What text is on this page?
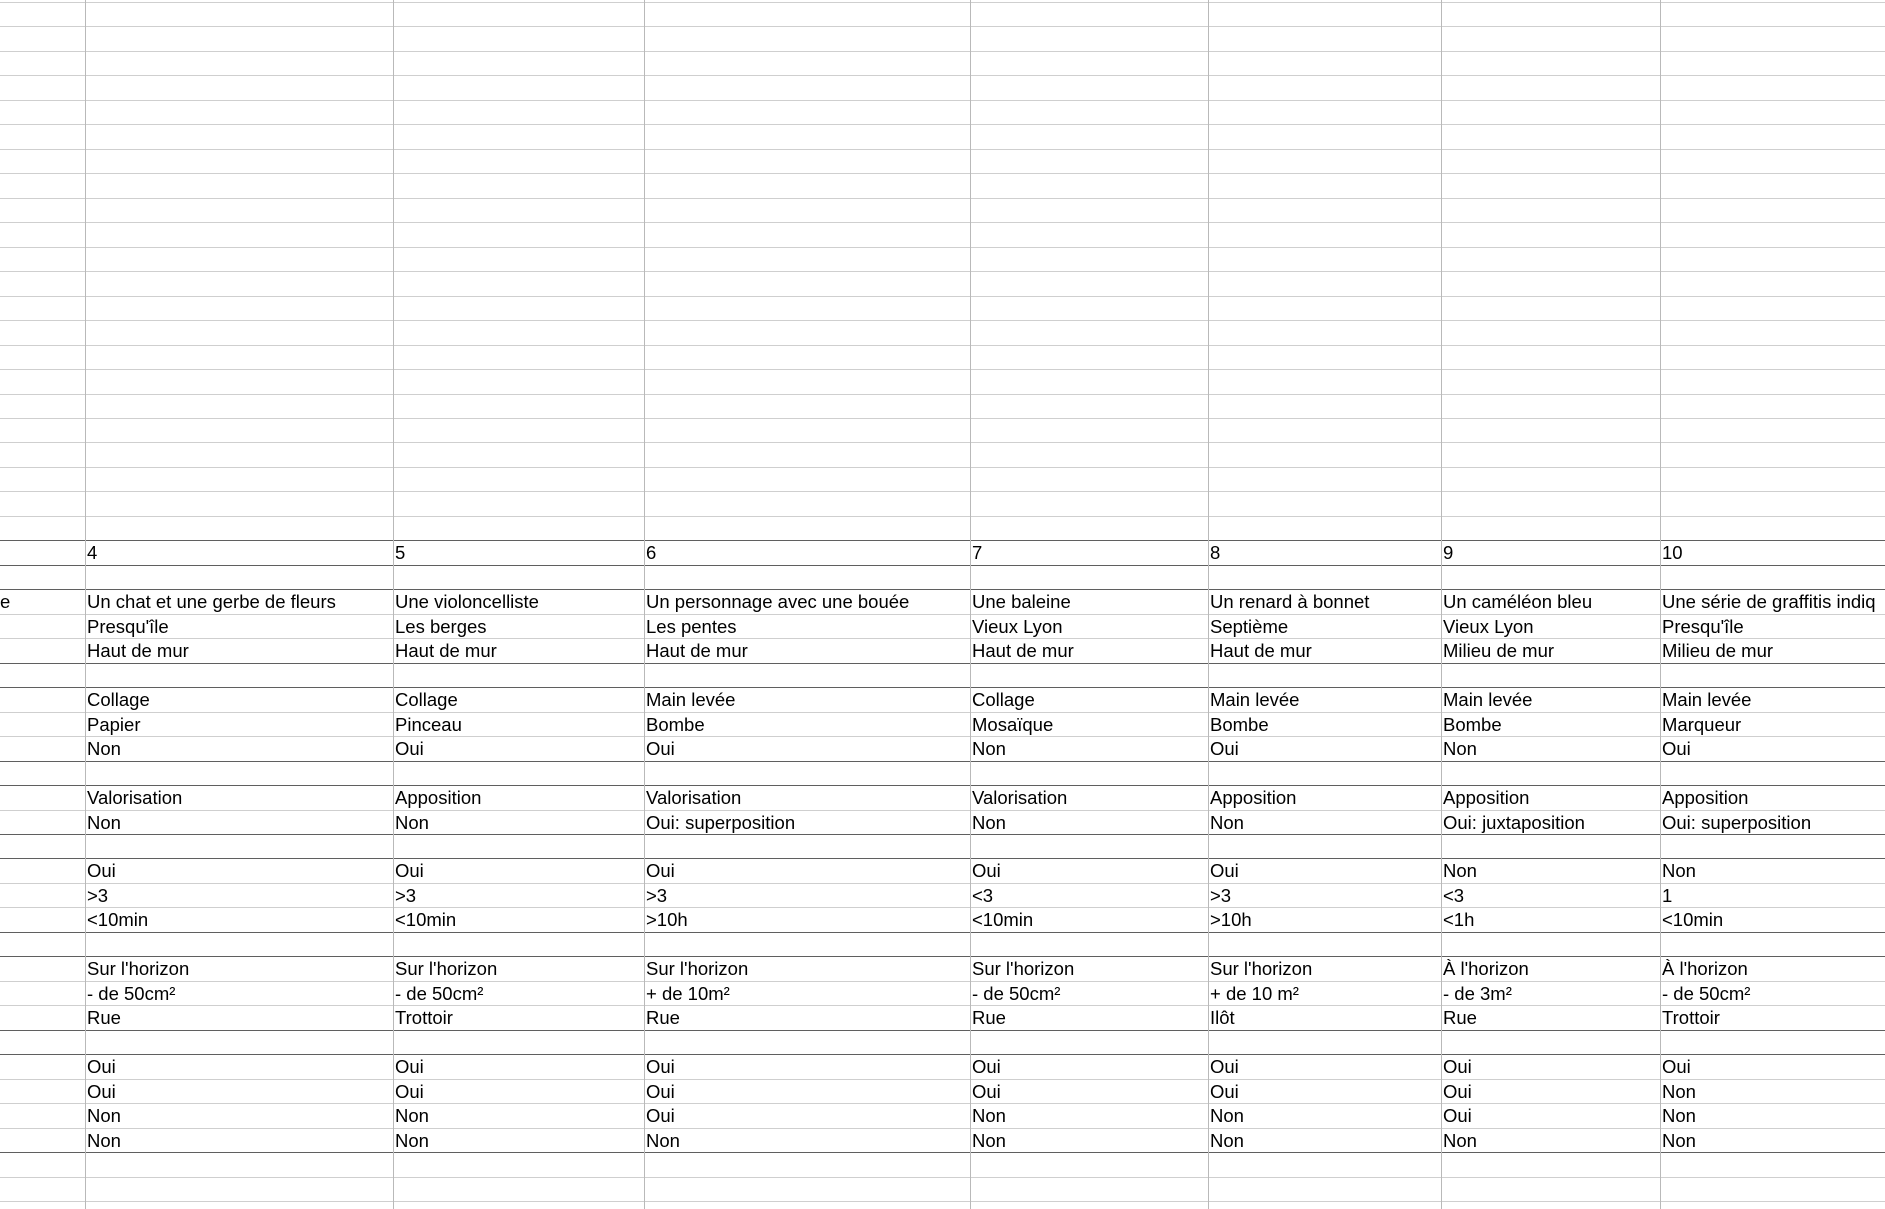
e
4	5	6	7	8	9	10
Un chat et une gerbe de fleurs	Une violoncelliste	Un personnage avec une bouée	Une baleine	Un renard à bonnet	Un caméléon bleu	Une série de graffitis indiq
Presqu'île	Les berges	Les pentes	Vieux Lyon	Septième	Vieux Lyon	Presqu'île
Haut de mur	Haut de mur	Haut de mur	Haut de mur	Haut de mur	Milieu de mur	Milieu de mur
Collage	Collage	Main levée	Collage	Main levée	Main levée	Main levée
Papier	Pinceau	Bombe	Mosaïque	Bombe	Bombe	Marqueur
Non	Oui	Oui	Non	Oui	Non	Oui
Valorisation	Apposition	Valorisation	Valorisation	Apposition	Apposition	Apposition
Non	Non	Oui: superposition	Non	Non	Oui: juxtaposition	Oui: superposition
Oui	Oui	Oui	Oui	Oui	Non	Non
>3	>3	>3	<3	>3	<3	1
<10min	<10min	>10h	<10min	>10h	<1h	<10min
Sur l'horizon	Sur l'horizon	Sur l'horizon	Sur l'horizon	Sur l'horizon	À l'horizon	À l'horizon
- de 50cm²	- de 50cm²	+ de 10m²	- de 50cm²	+ de 10 m²	- de 3m²	- de 50cm²
Rue	Trottoir	Rue	Rue	Ilôt	Rue	Trottoir
Oui	Oui	Oui	Oui	Oui	Oui	Oui
Oui	Oui	Oui	Oui	Oui	Oui	Non
Non	Non	Oui	Non	Non	Oui	Non
Non	Non	Non	Non	Non	Non	Non
